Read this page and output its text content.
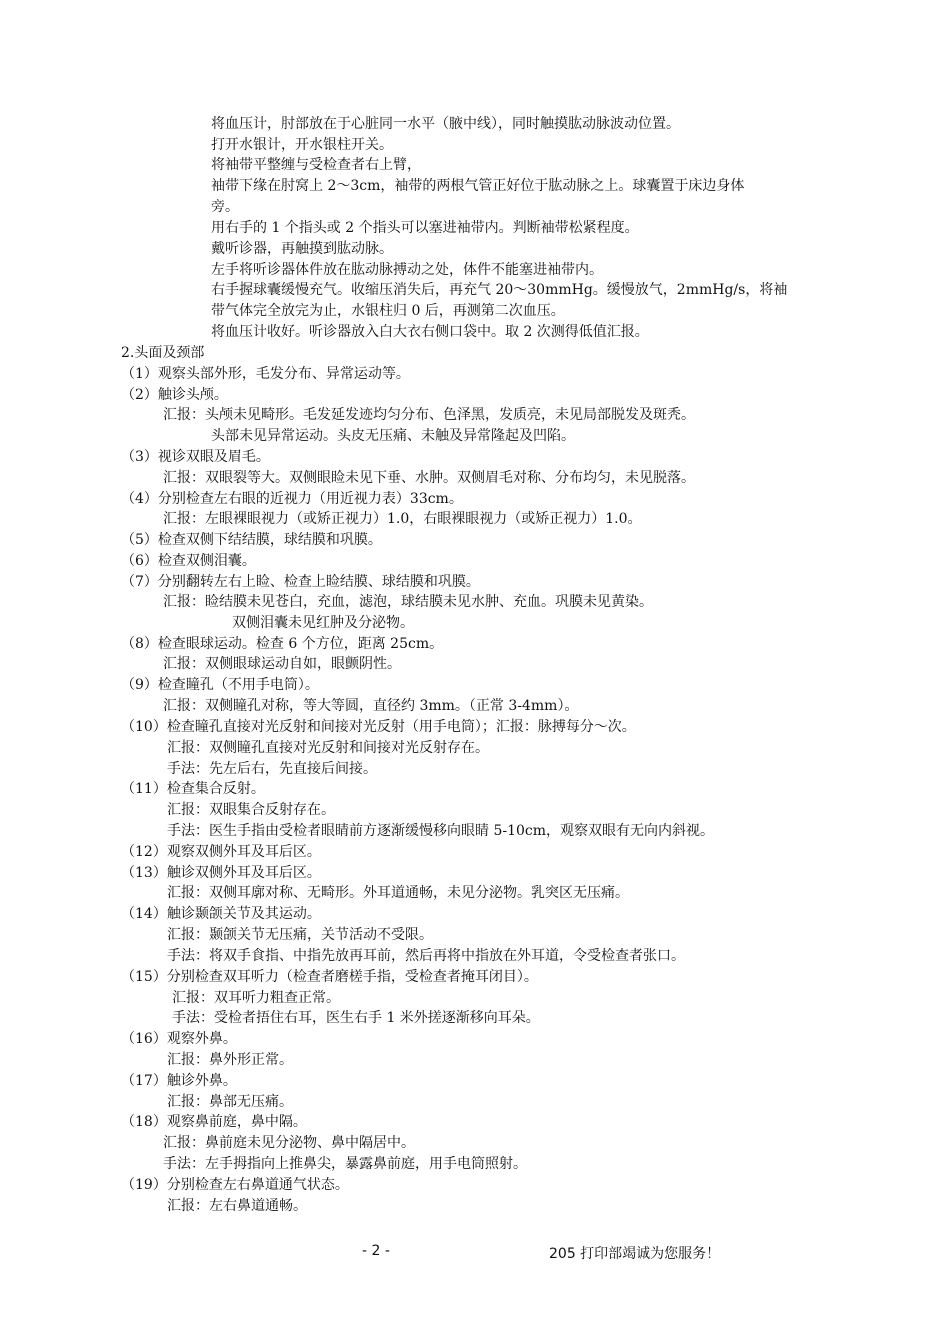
将血压计，肘部放在于心脏同一水平（腋中线），同时触摸肱动脉波动位置。
打开水银计，开水银柱开关。
将袖带平整缠与受检查者右上臂，
袖带下缘在肘窝上 2～3cm，袖带的两根气管正好位于肱动脉之上。球囊置于床边身体
旁。
用右手的 1 个指头或 2 个指头可以塞进袖带内。判断袖带松紧程度。
戴听诊器，再触摸到肱动脉。
左手将听诊器体件放在肱动脉搏动之处，体件不能塞进袖带内。
右手握球囊缓慢充气。收缩压消失后，再充气 20～30mmHg。缓慢放气，2mmHg/s，将袖
带气体完全放完为止，水银柱归 0 后，再测第二次血压。
将血压计收好。听诊器放入白大衣右侧口袋中。取 2 次测得低值汇报。
2.头面及颈部
（1）观察头部外形，毛发分布、异常运动等。
（2）触诊头颅。
汇报：头颅未见畸形。毛发延发迹均匀分布、色泽黑，发质亮，未见局部脱发及斑秃。
头部未见异常运动。头皮无压痛、未触及异常隆起及凹陷。
（3）视诊双眼及眉毛。
汇报：双眼裂等大。双侧眼睑未见下垂、水肿。双侧眉毛对称、分布均匀，未见脱落。
（4）分别检查左右眼的近视力（用近视力表）33cm。
汇报：左眼裸眼视力（或矫正视力）1.0，右眼裸眼视力（或矫正视力）1.0。
（5）检查双侧下结结膜，球结膜和巩膜。
（6）检查双侧泪囊。
（7）分别翻转左右上睑、检查上睑结膜、球结膜和巩膜。
汇报：睑结膜未见苍白，充血，滤泡，球结膜未见水肿、充血。巩膜未见黄染。
双侧泪囊未见红肿及分泌物。
（8）检查眼球运动。检查 6 个方位，距离 25cm。
汇报：双侧眼球运动自如，眼颤阴性。
（9）检查瞳孔（不用手电筒）。
汇报：双侧瞳孔对称，等大等圆，直径约 3mm。（正常 3-4mm）。
（10）检查瞳孔直接对光反射和间接对光反射（用手电筒）；汇报：脉搏每分～次。
汇报：双侧瞳孔直接对光反射和间接对光反射存在。
手法：先左后右，先直接后间接。
（11）检查集合反射。
汇报：双眼集合反射存在。
手法：医生手指由受检者眼睛前方逐渐缓慢移向眼睛 5-10cm，观察双眼有无向内斜视。
（12）观察双侧外耳及耳后区。
（13）触诊双侧外耳及耳后区。
汇报：双侧耳廓对称、无畸形。外耳道通畅，未见分泌物。乳突区无压痛。
（14）触诊颞颌关节及其运动。
汇报：颞颌关节无压痛，关节活动不受限。
手法：将双手食指、中指先放再耳前，然后再将中指放在外耳道，令受检查者张口。
（15）分别检查双耳听力（检查者磨槎手指，受检查者掩耳闭目）。
汇报：双耳听力粗查正常。
手法：受检者捂住右耳，医生右手 1 米外搓逐渐移向耳朵。
（16）观察外鼻。
汇报：鼻外形正常。
（17）触诊外鼻。
汇报：鼻部无压痛。
（18）观察鼻前庭，鼻中隔。
汇报：鼻前庭未见分泌物、鼻中隔居中。
手法：左手拇指向上推鼻尖，暴露鼻前庭，用手电筒照射。
（19）分别检查左右鼻道通气状态。
汇报：左右鼻道通畅。
- 2 -	205 打印部竭诚为您服务！
